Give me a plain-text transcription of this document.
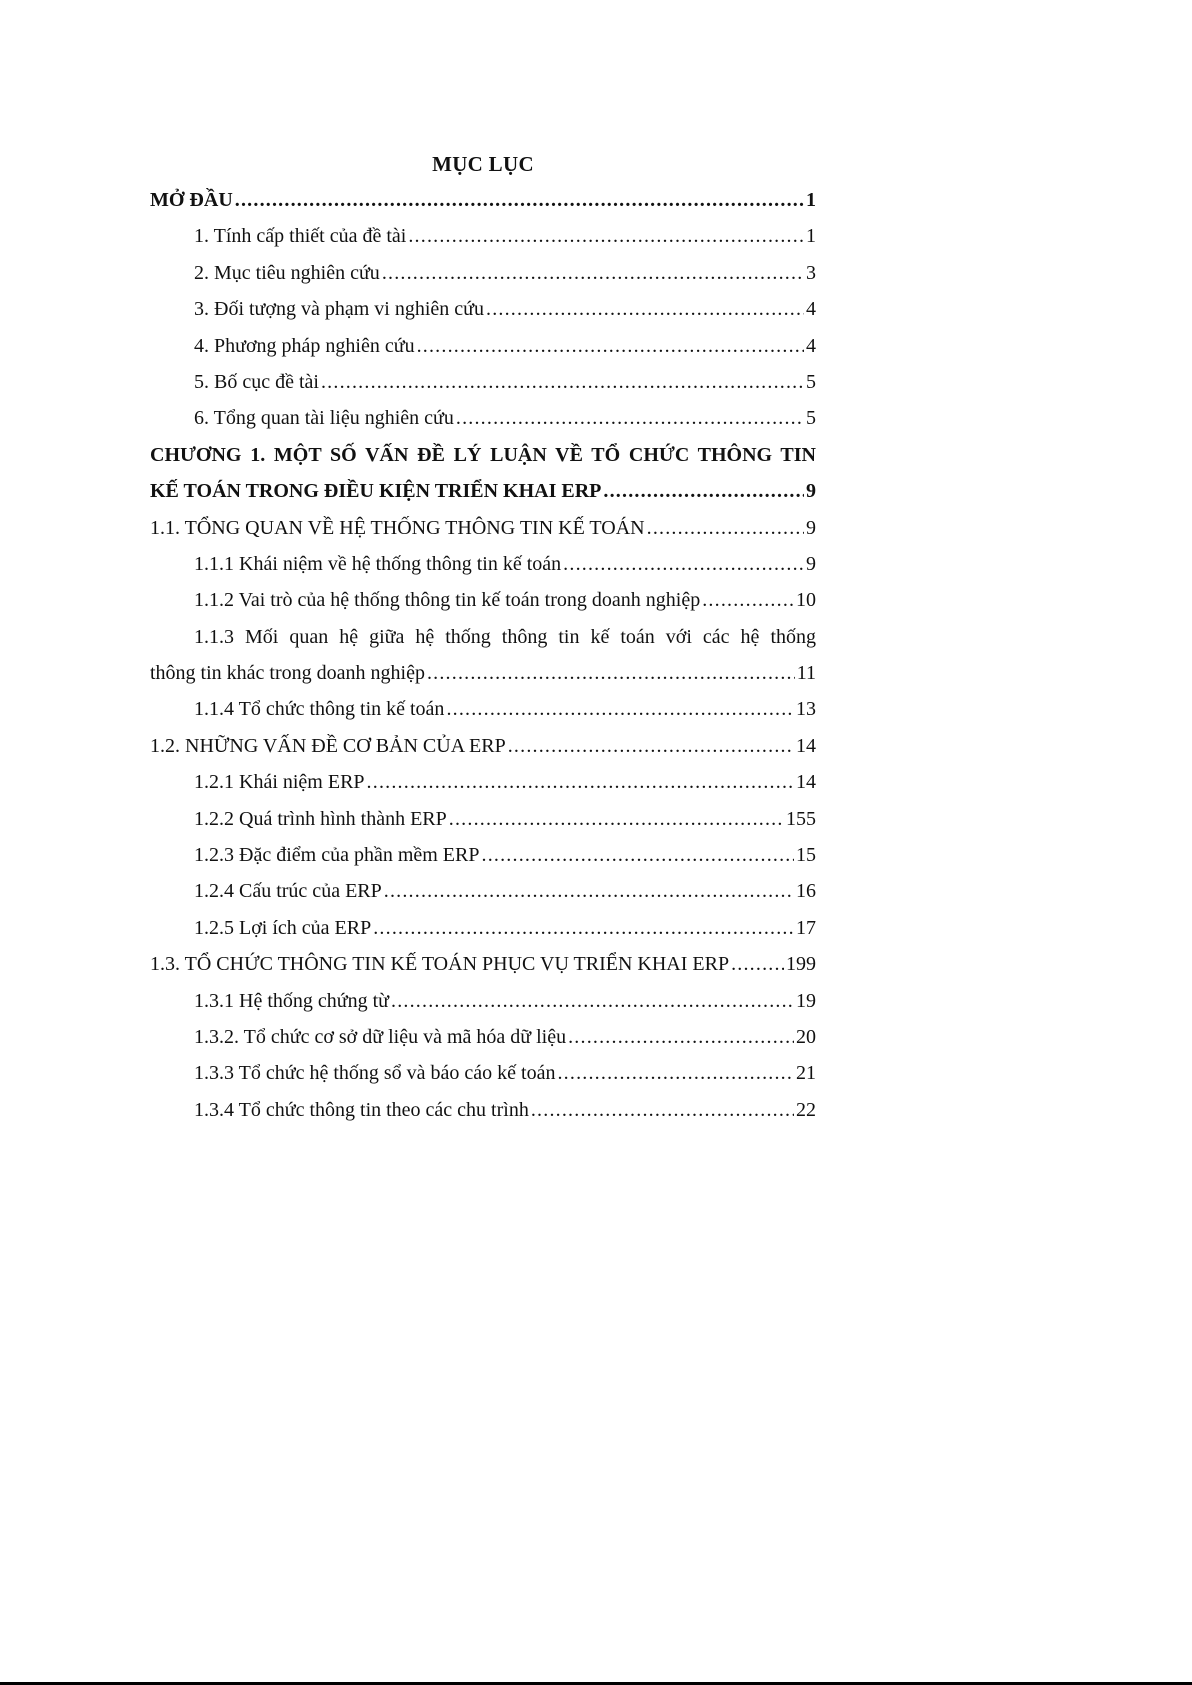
MỤC LỤC
MỞ ĐẦU .....	1
1. Tính cấp thiết của đề tài .....	1
2. Mục tiêu nghiên cứu .....	3
3. Đối tượng và phạm vi nghiên cứu .....	4
4. Phương pháp nghiên cứu .....	4
5. Bố cục đề tài .....	5
6. Tổng quan tài liệu nghiên cứu .....	5
CHƯƠNG 1. MỘT SỐ VẤN ĐỀ LÝ LUẬN VỀ TỔ CHỨC THÔNG TIN
KẾ TOÁN TRONG ĐIỀU KIỆN TRIỂN KHAI ERP .....	9
1.1. TỔNG QUAN VỀ HỆ THỐNG THÔNG TIN KẾ TOÁN .....	9
1.1.1 Khái niệm về hệ thống thông tin kế toán .....	9
1.1.2 Vai trò của hệ thống thông tin kế toán trong doanh nghiệp .....	10
1.1.3 Mối quan hệ giữa hệ thống thông tin kế toán với các hệ thống
thông tin khác trong doanh nghiệp .....	11
1.1.4 Tổ chức thông tin kế toán .....	13
1.2. NHỮNG VẤN ĐỀ CƠ BẢN CỦA ERP .....	14
1.2.1 Khái niệm ERP .....	14
1.2.2 Quá trình hình thành ERP .....	155
1.2.3 Đặc điểm của phần mềm ERP .....	15
1.2.4 Cấu trúc của ERP .....	16
1.2.5 Lợi ích của ERP .....	17
1.3. TỔ CHỨC THÔNG TIN KẾ TOÁN PHỤC VỤ TRIỂN KHAI ERP .....	199
1.3.1 Hệ thống chứng từ .....	19
1.3.2. Tổ chức cơ sở dữ liệu và mã hóa dữ liệu .....	20
1.3.3 Tổ chức hệ thống sổ và báo cáo kế toán .....	21
1.3.4 Tổ chức thông tin theo các chu trình .....	22
